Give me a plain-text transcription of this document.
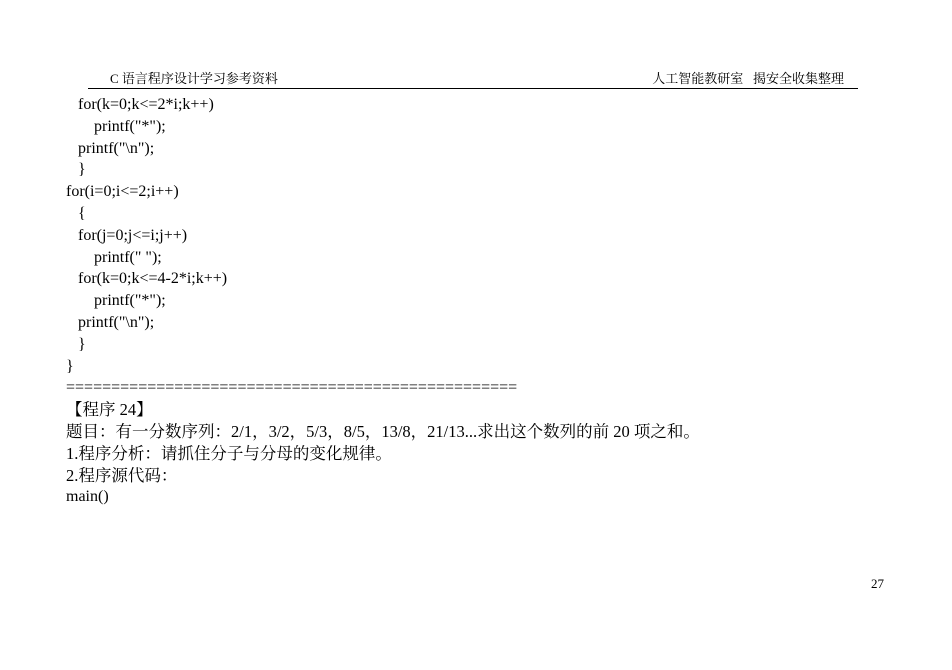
C 语言程序设计学习参考资料	人工智能教研室   揭安全收集整理
for(k=0;k<=2*i;k++)
printf("*");
printf("\n");
}
for(i=0;i<=2;i++)
{
for(j=0;j<=i;j++)
printf(" ");
for(k=0;k<=4-2*i;k++)
printf("*");
printf("\n");
}
}
==================================================
【程序 24】
题目：有一分数序列：2/1，3/2，5/3，8/5，13/8，21/13...求出这个数列的前 20 项之和。
1.程序分析：请抓住分子与分母的变化规律。
2.程序源代码：
main()
27
